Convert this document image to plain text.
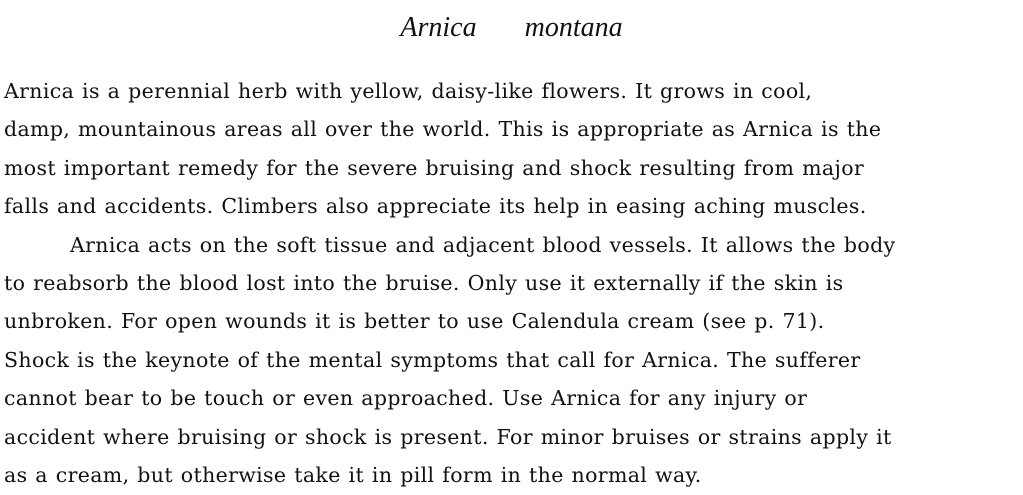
Arnica montana
Arnica is a perennial herb with yellow, daisy-like flowers. It grows in cool,
damp, mountainous areas all over the world. This is appropriate as Arnica is the
most important remedy for the severe bruising and shock resulting from major
falls and accidents. Climbers also appreciate its help in easing aching muscles.
Arnica acts on the soft tissue and adjacent blood vessels. It allows the body
to reabsorb the blood lost into the bruise. Only use it externally if the skin is
unbroken. For open wounds it is better to use Calendula cream (see p. 71).
Shock is the keynote of the mental symptoms that call for Arnica. The sufferer
cannot bear to be touch or even approached. Use Arnica for any injury or
accident where bruising or shock is present. For minor bruises or strains apply it
as a cream, but otherwise take it in pill form in the normal way.
